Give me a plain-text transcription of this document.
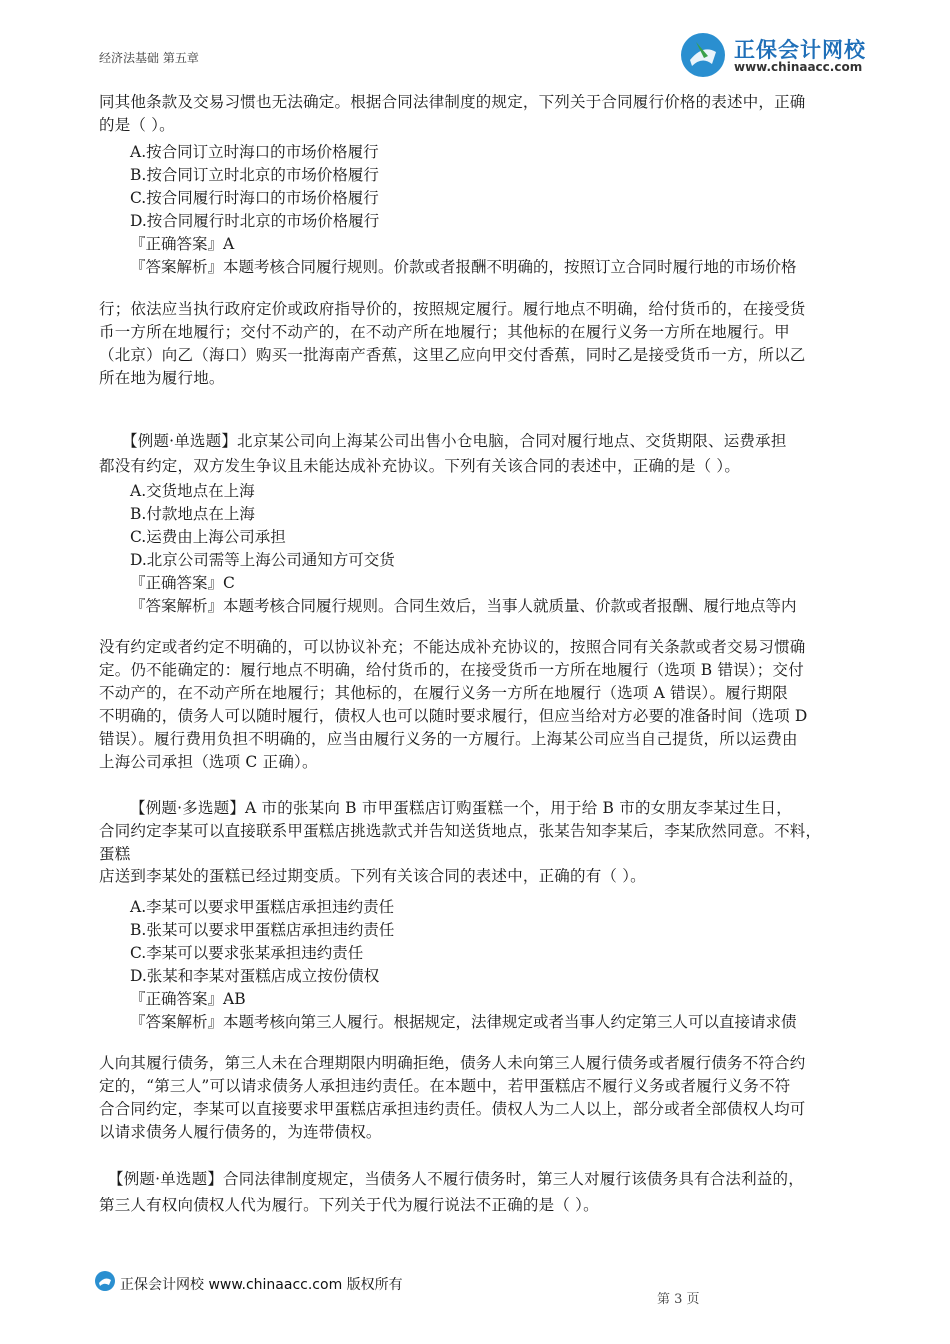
经济法基础 第五章	正保会计网校
www.chinaacc.com
同其他条款及交易习惯也无法确定。根据合同法律制度的规定，下列关于合同履行价格的表述中，正确
的是（ ）。
A.按合同订立时海口的市场价格履行
B.按合同订立时北京的市场价格履行
C.按合同履行时海口的市场价格履行
D.按合同履行时北京的市场价格履行
『正确答案』A
『答案解析』本题考核合同履行规则。价款或者报酬不明确的，按照订立合同时履行地的市场价格
行；依法应当执行政府定价或政府指导价的，按照规定履行。履行地点不明确，给付货币的，在接受货
币一方所在地履行；交付不动产的，在不动产所在地履行；其他标的在履行义务一方所在地履行。甲
（北京）向乙（海口）购买一批海南产香蕉，这里乙应向甲交付香蕉，同时乙是接受货币一方，所以乙
所在地为履行地。
【例题·单选题】北京某公司向上海某公司出售小仓电脑，合同对履行地点、交货期限、运费承担
都没有约定，双方发生争议且未能达成补充协议。下列有关该合同的表述中，正确的是（ ）。
A.交货地点在上海
B.付款地点在上海
C.运费由上海公司承担
D.北京公司需等上海公司通知方可交货
『正确答案』C
『答案解析』本题考核合同履行规则。合同生效后，当事人就质量、价款或者报酬、履行地点等内
没有约定或者约定不明确的，可以协议补充；不能达成补充协议的，按照合同有关条款或者交易习惯确
定。仍不能确定的：履行地点不明确，给付货币的，在接受货币一方所在地履行（选项 B 错误）；交付
不动产的，在不动产所在地履行；其他标的，在履行义务一方所在地履行（选项 A 错误）。履行期限
不明确的，债务人可以随时履行，债权人也可以随时要求履行，但应当给对方必要的准备时间（选项 D
错误）。履行费用负担不明确的，应当由履行义务的一方履行。上海某公司应当自己提货，所以运费由
上海公司承担（选项 C 正确）。
【例题·多选题】A 市的张某向 B 市甲蛋糕店订购蛋糕一个，用于给 B 市的女朋友李某过生日，
合同约定李某可以直接联系甲蛋糕店挑选款式并告知送货地点，张某告知李某后，李某欣然同意。不料，
蛋糕
店送到李某处的蛋糕已经过期变质。下列有关该合同的表述中，正确的有（ ）。
A.李某可以要求甲蛋糕店承担违约责任
B.张某可以要求甲蛋糕店承担违约责任
C.李某可以要求张某承担违约责任
D.张某和李某对蛋糕店成立按份债权
『正确答案』AB
『答案解析』本题考核向第三人履行。根据规定，法律规定或者当事人约定第三人可以直接请求债
人向其履行债务，第三人未在合理期限内明确拒绝，债务人未向第三人履行债务或者履行债务不符合约
定的，“第三人”可以请求债务人承担违约责任。在本题中，若甲蛋糕店不履行义务或者履行义务不符
合合同约定，李某可以直接要求甲蛋糕店承担违约责任。债权人为二人以上，部分或者全部债权人均可
以请求债务人履行债务的，为连带债权。
【例题·单选题】合同法律制度规定，当债务人不履行债务时，第三人对履行该债务具有合法利益的，
第三人有权向债权人代为履行。下列关于代为履行说法不正确的是（ ）。
正保会计网校 www.chinaacc.com 版权所有
第 3 页
